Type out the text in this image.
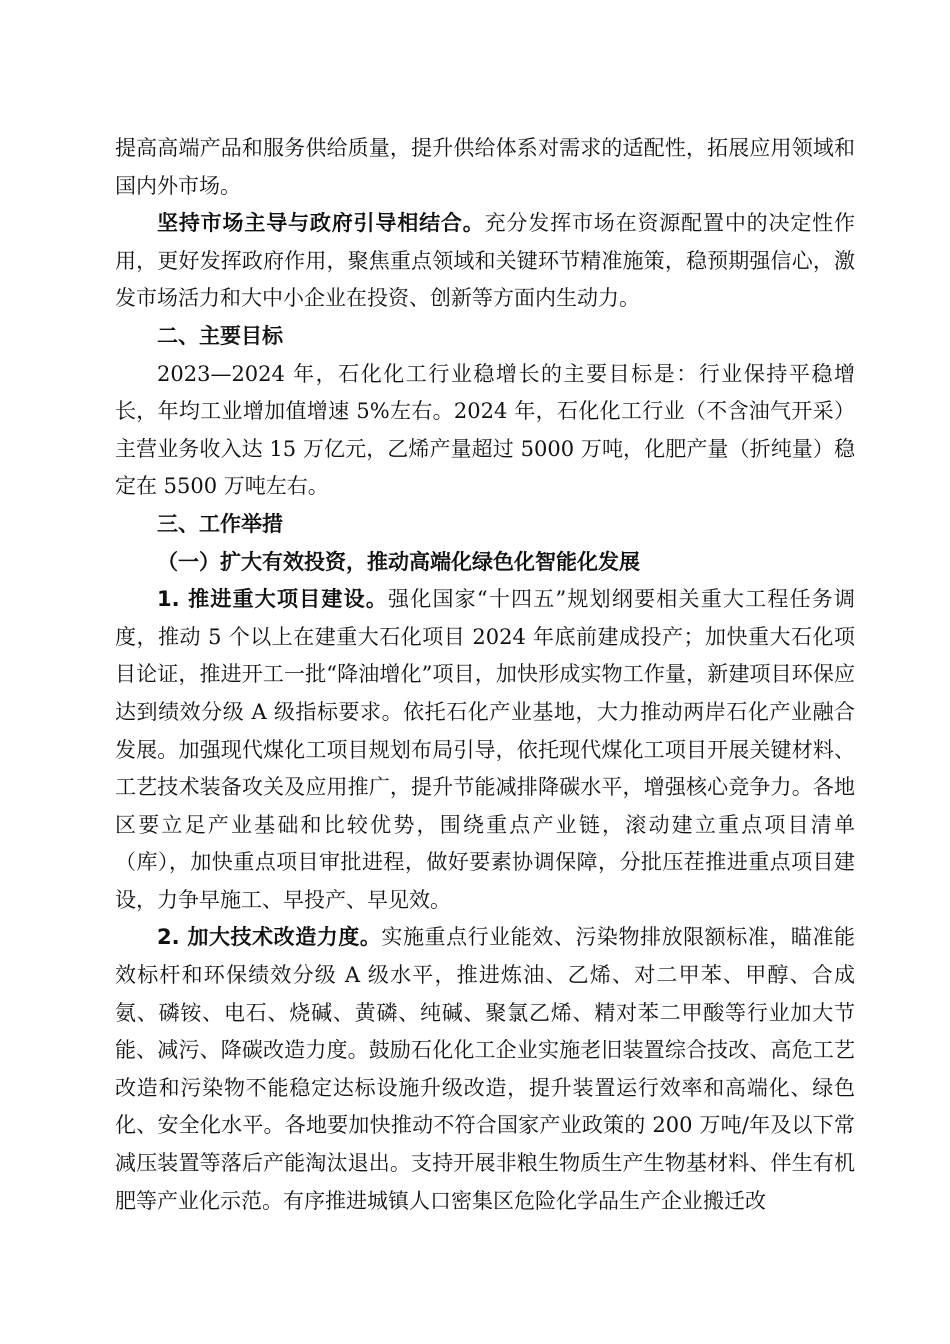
提高高端产品和服务供给质量，提升供给体系对需求的适配性，拓展应用领域和国内外市场。

坚持市场主导与政府引导相结合。充分发挥市场在资源配置中的决定性作用，更好发挥政府作用，聚焦重点领域和关键环节精准施策，稳预期强信心，激发市场活力和大中小企业在投资、创新等方面内生动力。

二、主要目标

2023—2024 年，石化化工行业稳增长的主要目标是：行业保持平稳增长，年均工业增加值增速 5%左右。2024 年，石化化工行业（不含油气开采）主营业务收入达 15 万亿元，乙烯产量超过 5000 万吨，化肥产量（折纯量）稳定在 5500 万吨左右。

三、工作举措

（一）扩大有效投资，推动高端化绿色化智能化发展

1. 推进重大项目建设。强化国家“十四五”规划纲要相关重大工程任务调度，推动 5 个以上在建重大石化项目 2024 年底前建成投产；加快重大石化项目论证，推进开工一批“降油增化”项目，加快形成实物工作量，新建项目环保应达到绩效分级 A 级指标要求。依托石化产业基地，大力推动两岸石化产业融合发展。加强现代煤化工项目规划布局引导，依托现代煤化工项目开展关键材料、工艺技术装备攻关及应用推广，提升节能减排降碳水平，增强核心竞争力。各地区要立足产业基础和比较优势，围绕重点产业链，滚动建立重点项目清单（库），加快重点项目审批进程，做好要素协调保障，分批压茬推进重点项目建设，力争早施工、早投产、早见效。

2. 加大技术改造力度。实施重点行业能效、污染物排放限额标准，瞄准能效标杆和环保绩效分级 A 级水平，推进炼油、乙烯、对二甲苯、甲醇、合成氨、磷铵、电石、烧碱、黄磷、纯碱、聚氯乙烯、精对苯二甲酸等行业加大节能、减污、降碳改造力度。鼓励石化化工企业实施老旧装置综合技改、高危工艺改造和污染物不能稳定达标设施升级改造，提升装置运行效率和高端化、绿色化、安全化水平。各地要加快推动不符合国家产业政策的 200 万吨/年及以下常减压装置等落后产能淘汰退出。支持开展非粮生物质生产生物基材料、伴生有机肥等产业化示范。有序推进城镇人口密集区危险化学品生产企业搬迁改
